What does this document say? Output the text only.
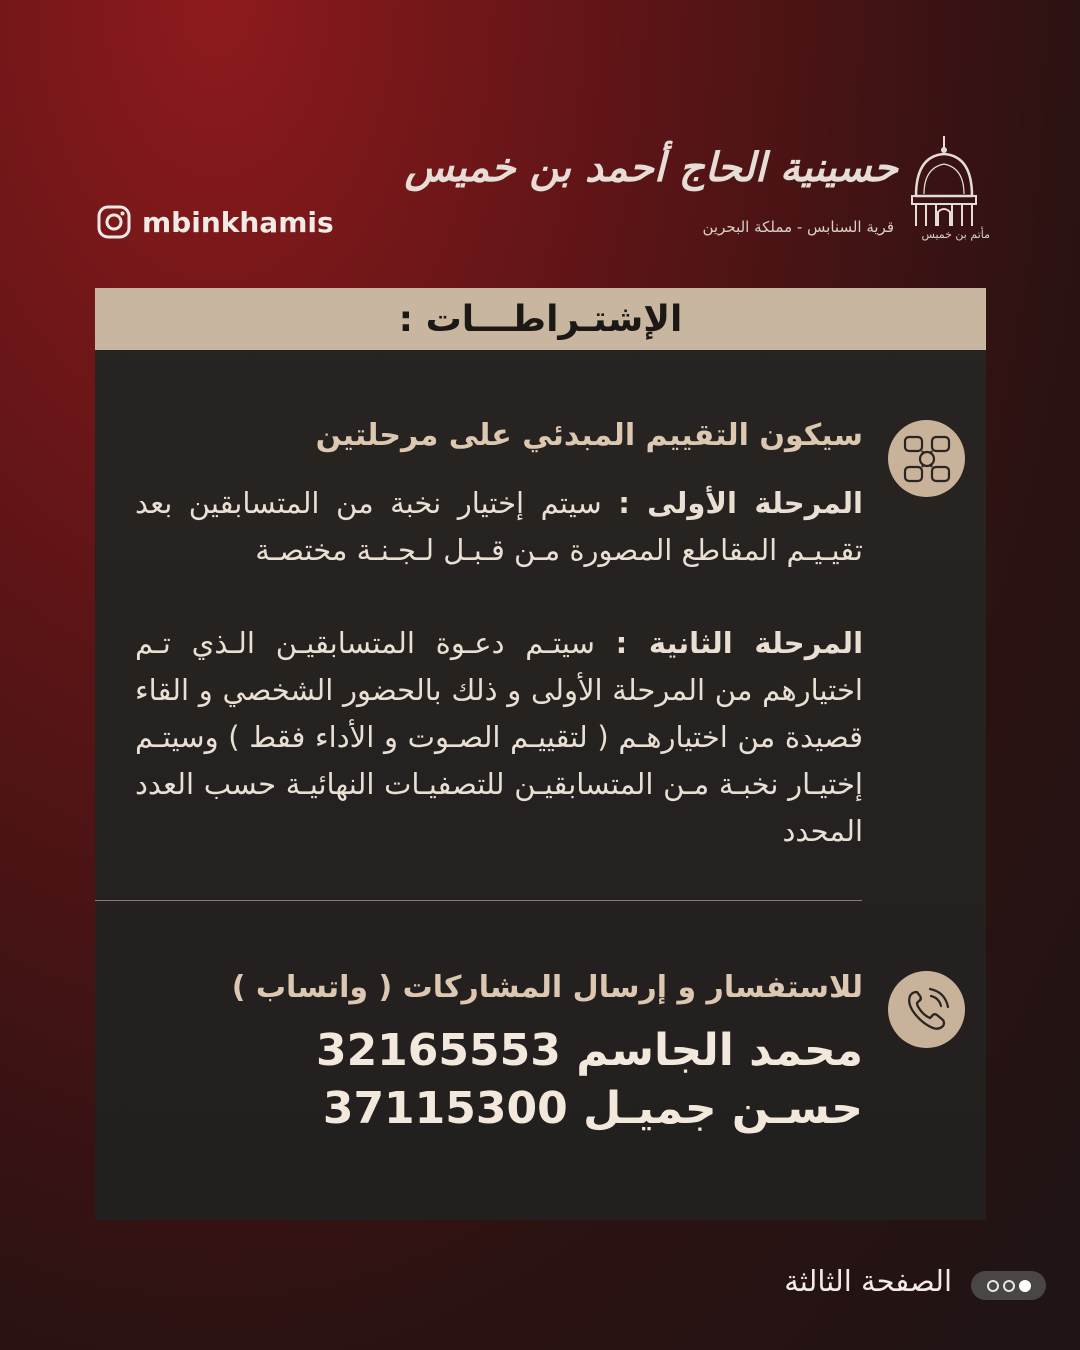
mbinkhamis
حسينية الحاج أحمد بن خميس
قرية السنابس - مملكة البحرين مأتم بن خميس
الإشتـراطـــات :
سيكون التقييم المبدئي على مرحلتين
المرحلة الأولى : سيتم إختيار نخبة من المتسابقين بعد تقيـيـم المقاطع المصورة مـن قـبـل لـجـنـة مختصـة
المرحلة الثانية : سيتـم دعـوة المتسابقيـن الـذي تـم اختيارهم من المرحلة الأولى و ذلك بالحضور الشخصي و القاء قصيدة من اختيارهـم ( لتقييـم الصـوت و الأداء فقط ) وسيتـم إختيـار نخبـة مـن المتسابقيـن للتصفيـات النهائيـة حسب العدد المحدد
للاستفسار و إرسال المشاركات ( واتساب )
محمد الجاسم 32165553
حسـن جميـل 37115300
الصفحة الثالثة
